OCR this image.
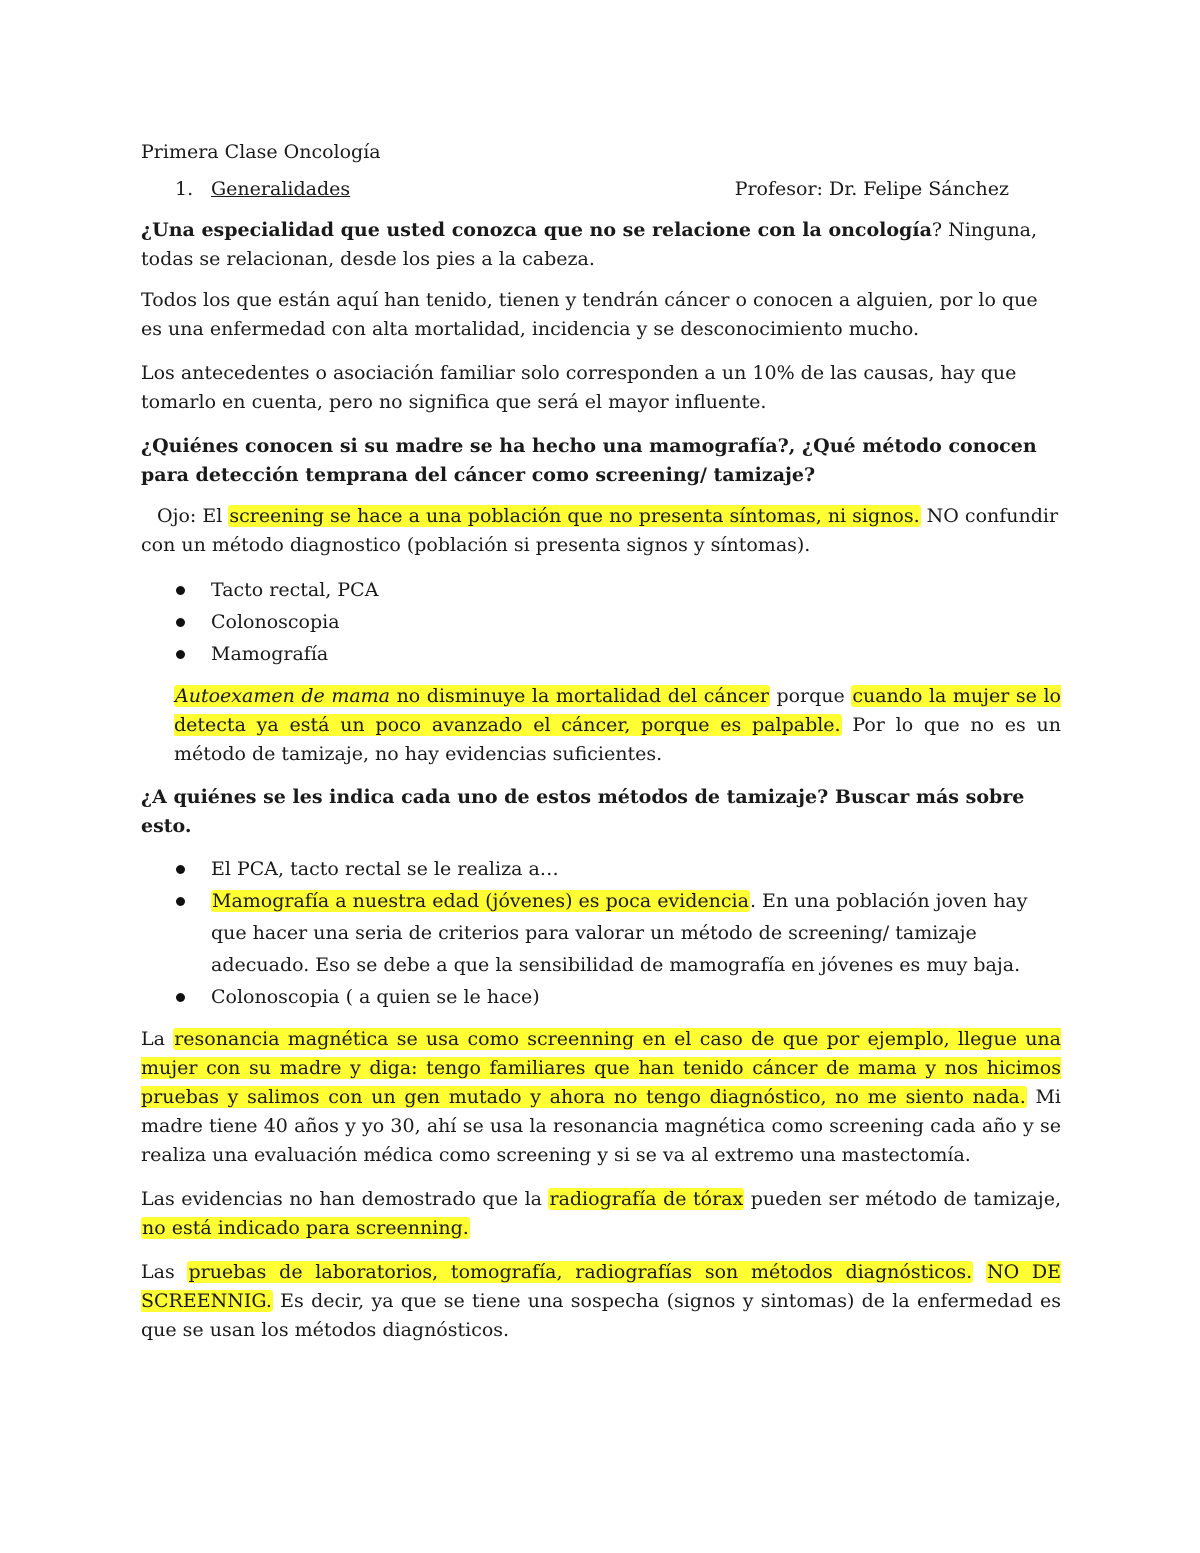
Primera Clase Oncología

1. Generalidades	Profesor: Dr. Felipe Sánchez

¿Una especialidad que usted conozca que no se relacione con la oncología? Ninguna, todas se relacionan, desde los pies a la cabeza.

Todos los que están aquí han tenido, tienen y tendrán cáncer o conocen a alguien, por lo que es una enfermedad con alta mortalidad, incidencia y se desconocimiento mucho.

Los antecedentes o asociación familiar solo corresponden a un 10% de las causas, hay que tomarlo en cuenta, pero no significa que será el mayor influente.

¿Quiénes conocen si su madre se ha hecho una mamografía?, ¿Qué método conocen para detección temprana del cáncer como screening/ tamizaje?

Ojo: El screening se hace a una población que no presenta síntomas, ni signos. NO confundir con un método diagnostico (población si presenta signos y síntomas).

Tacto rectal, PCA
Colonoscopia
Mamografía

Autoexamen de mama no disminuye la mortalidad del cáncer porque cuando la mujer se lo detecta ya está un poco avanzado el cáncer, porque es palpable. Por lo que no es un método de tamizaje, no hay evidencias suficientes.

¿A quiénes se les indica cada uno de estos métodos de tamizaje? Buscar más sobre esto.

El PCA, tacto rectal se le realiza a…
Mamografía a nuestra edad (jóvenes) es poca evidencia. En una población joven hay que hacer una seria de criterios para valorar un método de screening/ tamizaje adecuado. Eso se debe a que la sensibilidad de mamografía en jóvenes es muy baja.
Colonoscopia ( a quien se le hace)

La resonancia magnética se usa como screenning en el caso de que por ejemplo, llegue una mujer con su madre y diga: tengo familiares que han tenido cáncer de mama y nos hicimos pruebas y salimos con un gen mutado y ahora no tengo diagnóstico, no me siento nada. Mi madre tiene 40 años y yo 30, ahí se usa la resonancia magnética como screening cada año y se realiza una evaluación médica como screening y si se va al extremo una mastectomía.

Las evidencias no han demostrado que la radiografía de tórax pueden ser método de tamizaje, no está indicado para screenning.

Las pruebas de laboratorios, tomografía, radiografías son métodos diagnósticos. NO DE SCREENNIG. Es decir, ya que se tiene una sospecha (signos y sintomas) de la enfermedad es que se usan los métodos diagnósticos.
